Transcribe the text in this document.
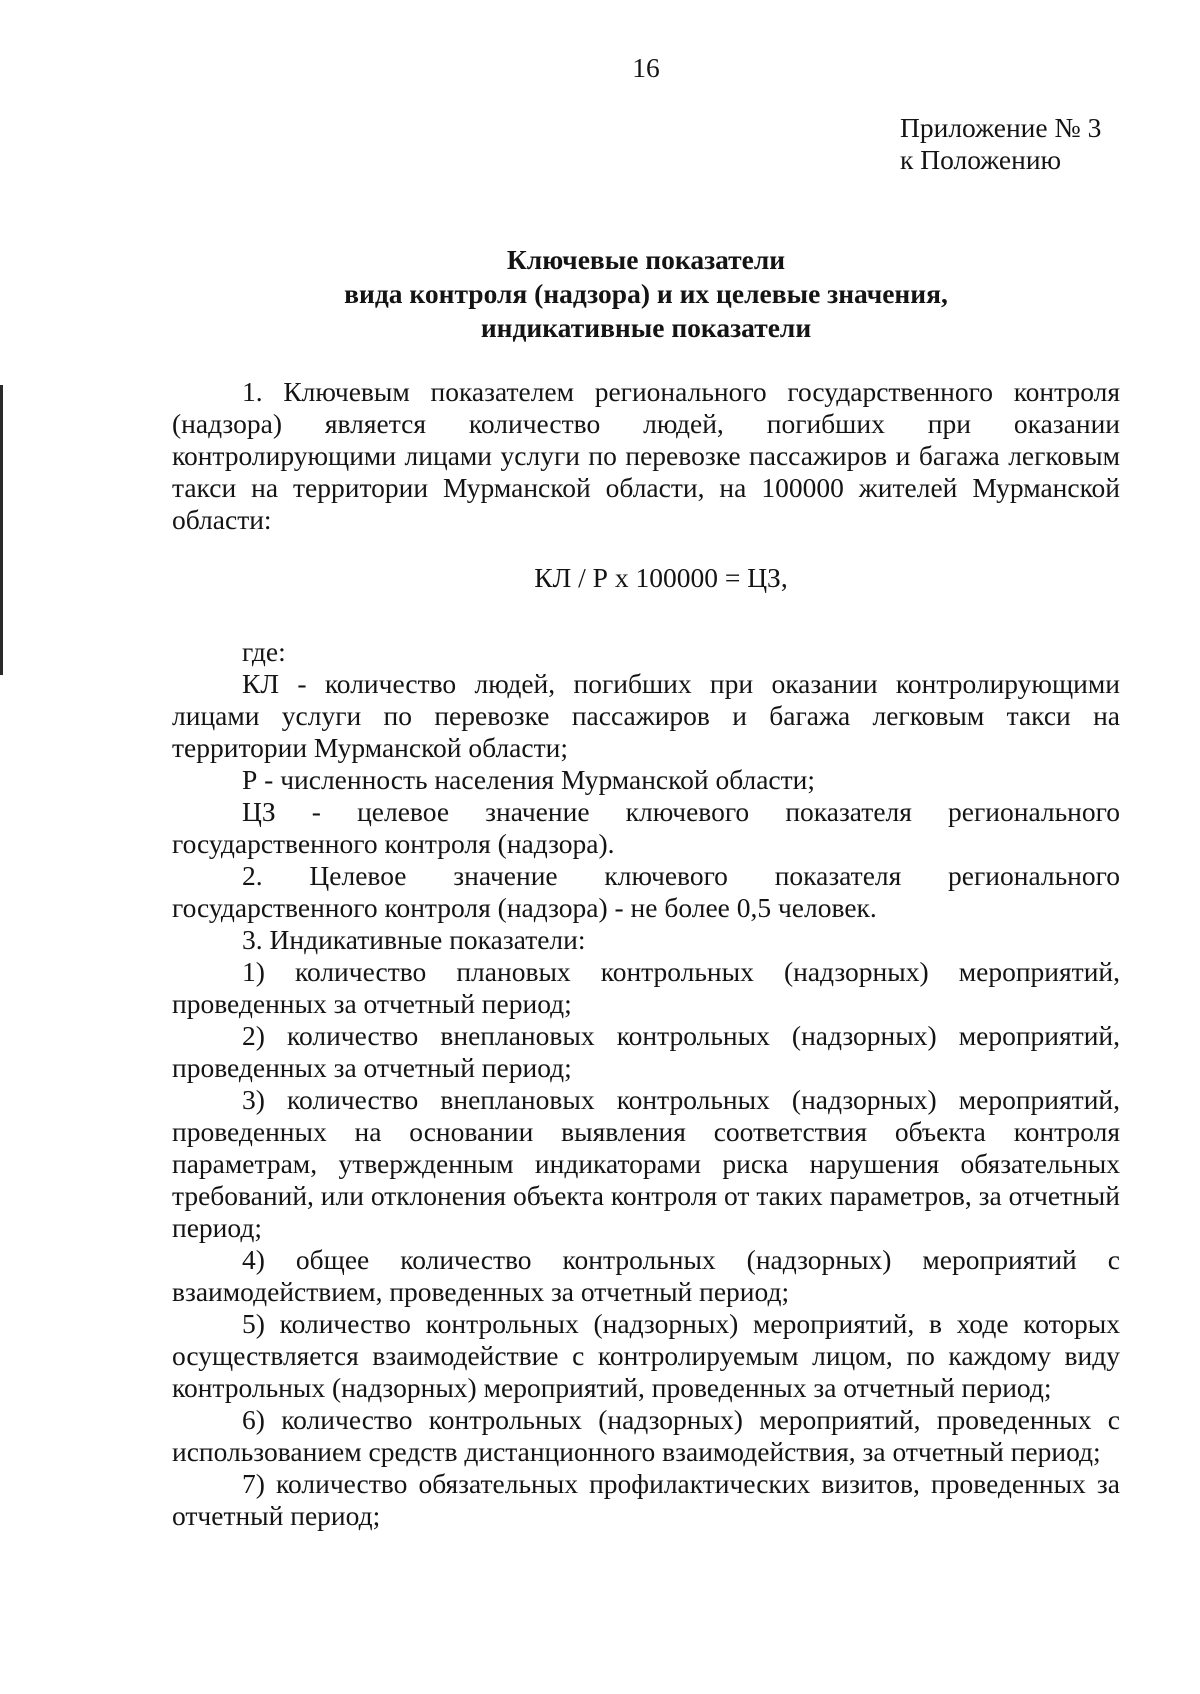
16

Приложение № 3
к Положению
Ключевые показатели
вида контроля (надзора) и их целевые значения,
индикативные показатели

1. Ключевым показателем регионального государственного контроля (надзора) является количество людей, погибших при оказании контролирующими лицами услуги по перевозке пассажиров и багажа легковым такси на территории Мурманской области, на 100000 жителей Мурманской области:

КЛ / Р х 100000 = ЦЗ,

где:

КЛ - количество людей, погибших при оказании контролирующими лицами услуги по перевозке пассажиров и багажа легковым такси на территории Мурманской области;

Р - численность населения Мурманской области;

ЦЗ - целевое значение ключевого показателя регионального государственного контроля (надзора).

2. Целевое значение ключевого показателя регионального государственного контроля (надзора) - не более 0,5 человек.

3. Индикативные показатели:

1) количество плановых контрольных (надзорных) мероприятий, проведенных за отчетный период;

2) количество внеплановых контрольных (надзорных) мероприятий, проведенных за отчетный период;

3) количество внеплановых контрольных (надзорных) мероприятий, проведенных на основании выявления соответствия объекта контроля параметрам, утвержденным индикаторами риска нарушения обязательных требований, или отклонения объекта контроля от таких параметров, за отчетный период;

4) общее количество контрольных (надзорных) мероприятий с взаимодействием, проведенных за отчетный период;

5) количество контрольных (надзорных) мероприятий, в ходе которых осуществляется взаимодействие с контролируемым лицом, по каждому виду контрольных (надзорных) мероприятий, проведенных за отчетный период;

6) количество контрольных (надзорных) мероприятий, проведенных с использованием средств дистанционного взаимодействия, за отчетный период;

7) количество обязательных профилактических визитов, проведенных за отчетный период;
